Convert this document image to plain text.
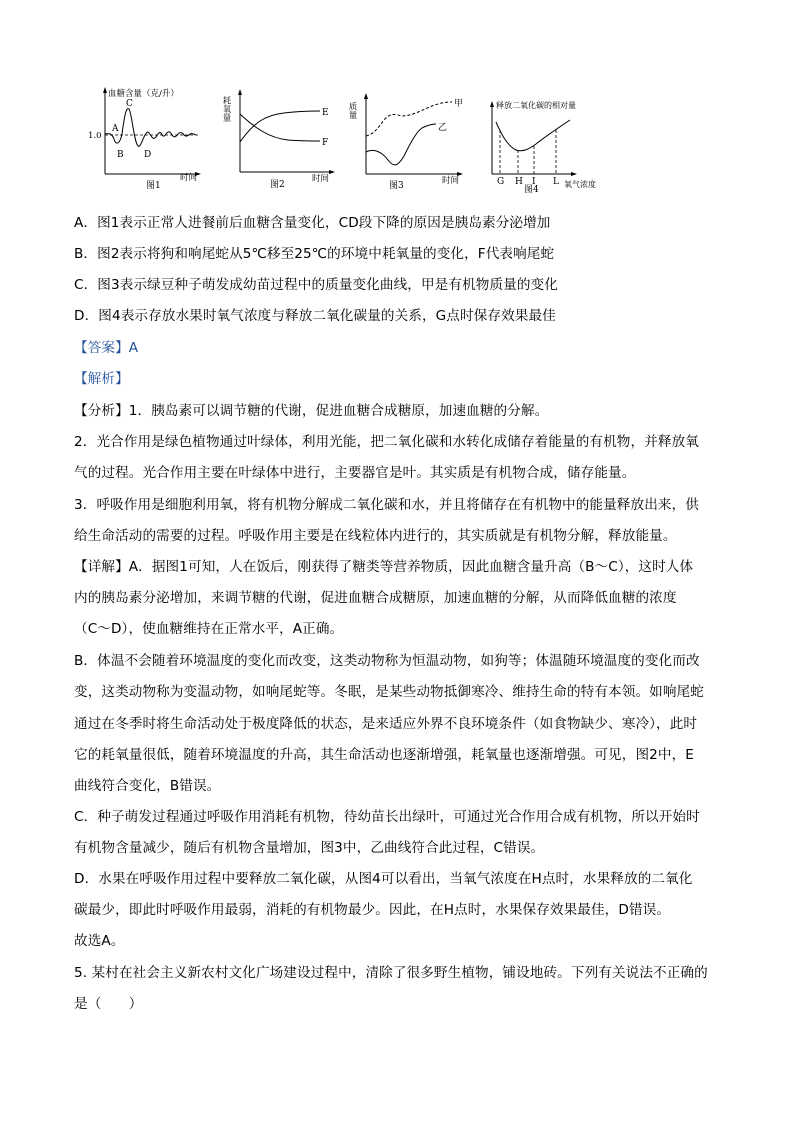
血糖含量（克/升）
1.0
A
B
C
D
时间
图1
耗氧量	E
F
时间
图2
质量	甲
乙
时间
图3
释放二氧化碳的相对量
G H I L
图4
氧气浓度
A．图1表示正常人进餐前后血糖含量变化，CD段下降的原因是胰岛素分泌增加
B．图2表示将狗和响尾蛇从5℃移至25℃的环境中耗氧量的变化，F代表响尾蛇
C．图3表示绿豆种子萌发成幼苗过程中的质量变化曲线，甲是有机物质量的变化
D．图4表示存放水果时氧气浓度与释放二氧化碳量的关系，G点时保存效果最佳
【答案】A
【解析】
【分析】1．胰岛素可以调节糖的代谢，促进血糖合成糖原，加速血糖的分解。
2．光合作用是绿色植物通过叶绿体，利用光能，把二氧化碳和水转化成储存着能量的有机物，并释放氧
气的过程。光合作用主要在叶绿体中进行，主要器官是叶。其实质是有机物合成，储存能量。
3．呼吸作用是细胞利用氧，将有机物分解成二氧化碳和水，并且将储存在有机物中的能量释放出来，供
给生命活动的需要的过程。呼吸作用主要是在线粒体内进行的，其实质就是有机物分解，释放能量。
【详解】A．据图1可知，人在饭后，刚获得了糖类等营养物质，因此血糖含量升高（B～C），这时人体
内的胰岛素分泌增加，来调节糖的代谢，促进血糖合成糖原，加速血糖的分解，从而降低血糖的浓度
（C～D），使血糖维持在正常水平，A正确。
B．体温不会随着环境温度的变化而改变，这类动物称为恒温动物，如狗等；体温随环境温度的变化而改
变，这类动物称为变温动物，如响尾蛇等。冬眠，是某些动物抵御寒冷、维持生命的特有本领。如响尾蛇
通过在冬季时将生命活动处于极度降低的状态，是来适应外界不良环境条件（如食物缺少、寒冷），此时
它的耗氧量很低，随着环境温度的升高，其生命活动也逐渐增强，耗氧量也逐渐增强。可见，图2中，E
曲线符合变化，B错误。
C．种子萌发过程通过呼吸作用消耗有机物，待幼苗长出绿叶，可通过光合作用合成有机物，所以开始时
有机物含量减少，随后有机物含量增加，图3中，乙曲线符合此过程，C错误。
D．水果在呼吸作用过程中要释放二氧化碳，从图4可以看出，当氧气浓度在H点时，水果释放的二氧化
碳最少，即此时呼吸作用最弱，消耗的有机物最少。因此，在H点时，水果保存效果最佳，D错误。
故选A。
5. 某村在社会主义新农村文化广场建设过程中，清除了很多野生植物，铺设地砖。下列有关说法不正确的
是（　　）
